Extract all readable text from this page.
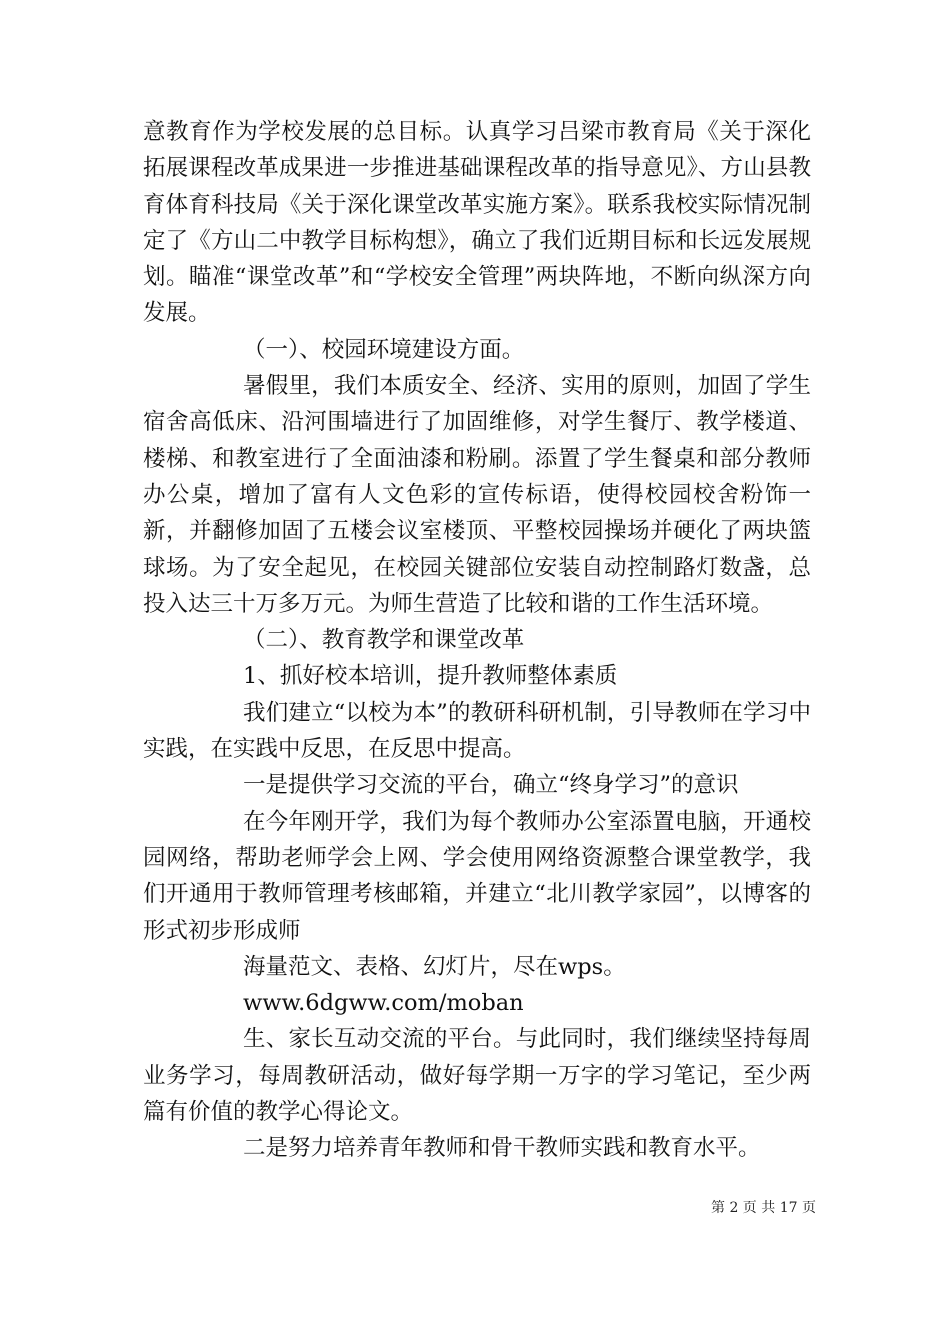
意教育作为学校发展的总目标。认真学习吕梁市教育局《关于深化拓展课程改革成果进一步推进基础课程改革的指导意见》、方山县教育体育科技局《关于深化课堂改革实施方案》。联系我校实际情况制定了《方山二中教学目标构想》，确立了我们近期目标和长远发展规划。瞄准“课堂改革”和“学校安全管理”两块阵地，不断向纵深方向发展。

（一）、校园环境建设方面。

暑假里，我们本质安全、经济、实用的原则，加固了学生宿舍高低床、沿河围墙进行了加固维修，对学生餐厅、教学楼道、楼梯、和教室进行了全面油漆和粉刷。添置了学生餐桌和部分教师办公桌，增加了富有人文色彩的宣传标语，使得校园校舍粉饰一新，并翻修加固了五楼会议室楼顶、平整校园操场并硬化了两块篮球场。为了安全起见，在校园关键部位安装自动控制路灯数盏，总投入达三十万多万元。为师生营造了比较和谐的工作生活环境。

（二）、教育教学和课堂改革

1、抓好校本培训，提升教师整体素质

我们建立“以校为本”的教研科研机制，引导教师在学习中实践，在实践中反思，在反思中提高。

一是提供学习交流的平台，确立“终身学习”的意识

在今年刚开学，我们为每个教师办公室添置电脑，开通校园网络，帮助老师学会上网、学会使用网络资源整合课堂教学，我们开通用于教师管理考核邮箱，并建立“北川教学家园”，以博客的形式初步形成师

海量范文、表格、幻灯片，尽在wps。

www.6dgww.com/moban

生、家长互动交流的平台。与此同时，我们继续坚持每周业务学习，每周教研活动，做好每学期一万字的学习笔记，至少两篇有价值的教学心得论文。

二是努力培养青年教师和骨干教师实践和教育水平。

第 2 页 共 17 页
